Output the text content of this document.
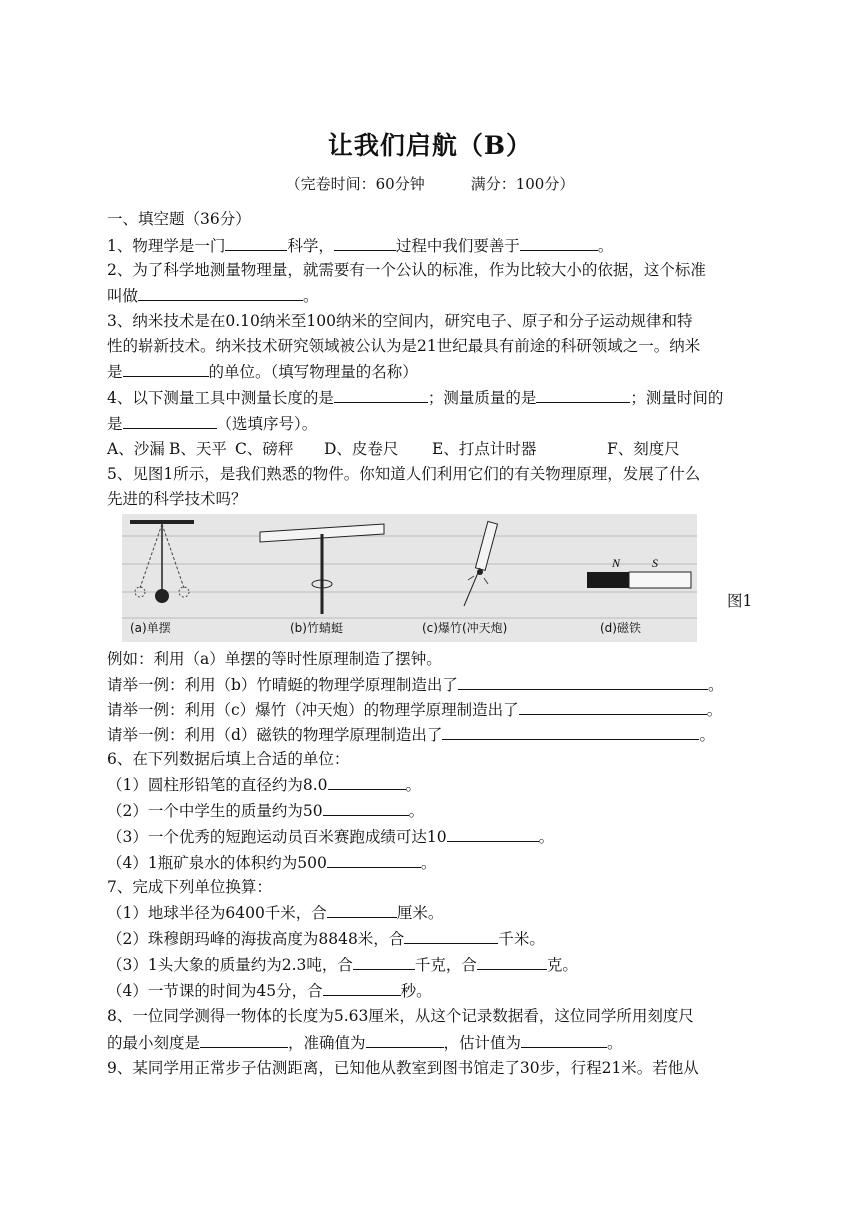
让我们启航（B）
（完卷时间：60分钟	满分：100分）
一、填空题（36分）
1、物理学是一门	科学，	过程中我们要善于	。
2、为了科学地测量物理量，就需要有一个公认的标准，作为比较大小的依据，这个标准
叫做	。
3、纳米技术是在0.10纳米至100纳米的空间内，研究电子、原子和分子运动规律和特
性的崭新技术。纳米技术研究领域被公认为是21世纪最具有前途的科研领域之一。纳米
是	的单位。（填写物理量的名称）
4、以下测量工具中测量长度的是	；测量质量的是	；测量时间的
是	（选填序号）。
A、沙漏 B、天平 C、磅秤 D、皮卷尺 E、打点计时器	F、刻度尺
5、见图1所示，是我们熟悉的物件。你知道人们利用它们的有关物理原理，发展了什么
先进的科学技术吗？
N	S
(a)单摆	(b)竹蜻蜓	(c)爆竹(冲天炮)	(d)磁铁
图1
例如：利用（a）单摆的等时性原理制造了摆钟。
请举一例：利用（b）竹晴蜓的物理学原理制造出了	。
请举一例：利用（c）爆竹（冲天炮）的物理学原理制造出了	。
请举一例：利用（d）磁铁的物理学原理制造出了	。
6、在下列数据后填上合适的单位：
（1）圆柱形铅笔的直径约为8.0	。
（2）一个中学生的质量约为50	。
（3）一个优秀的短跑运动员百米赛跑成绩可达10	。
（4）1瓶矿泉水的体积约为500	。
7、完成下列单位换算：
（1）地球半径为6400千米，合	厘米。
（2）珠穆朗玛峰的海拔高度为8848米，合	千米。
（3）1头大象的质量约为2.3吨，合	千克，合	克。
（4）一节课的时间为45分，合	秒。
8、一位同学测得一物体的长度为5.63厘米，从这个记录数据看，这位同学所用刻度尺
的最小刻度是	，准确值为	，估计值为	。
9、某同学用正常步子估测距离，已知他从教室到图书馆走了30步，行程21米。若他从
